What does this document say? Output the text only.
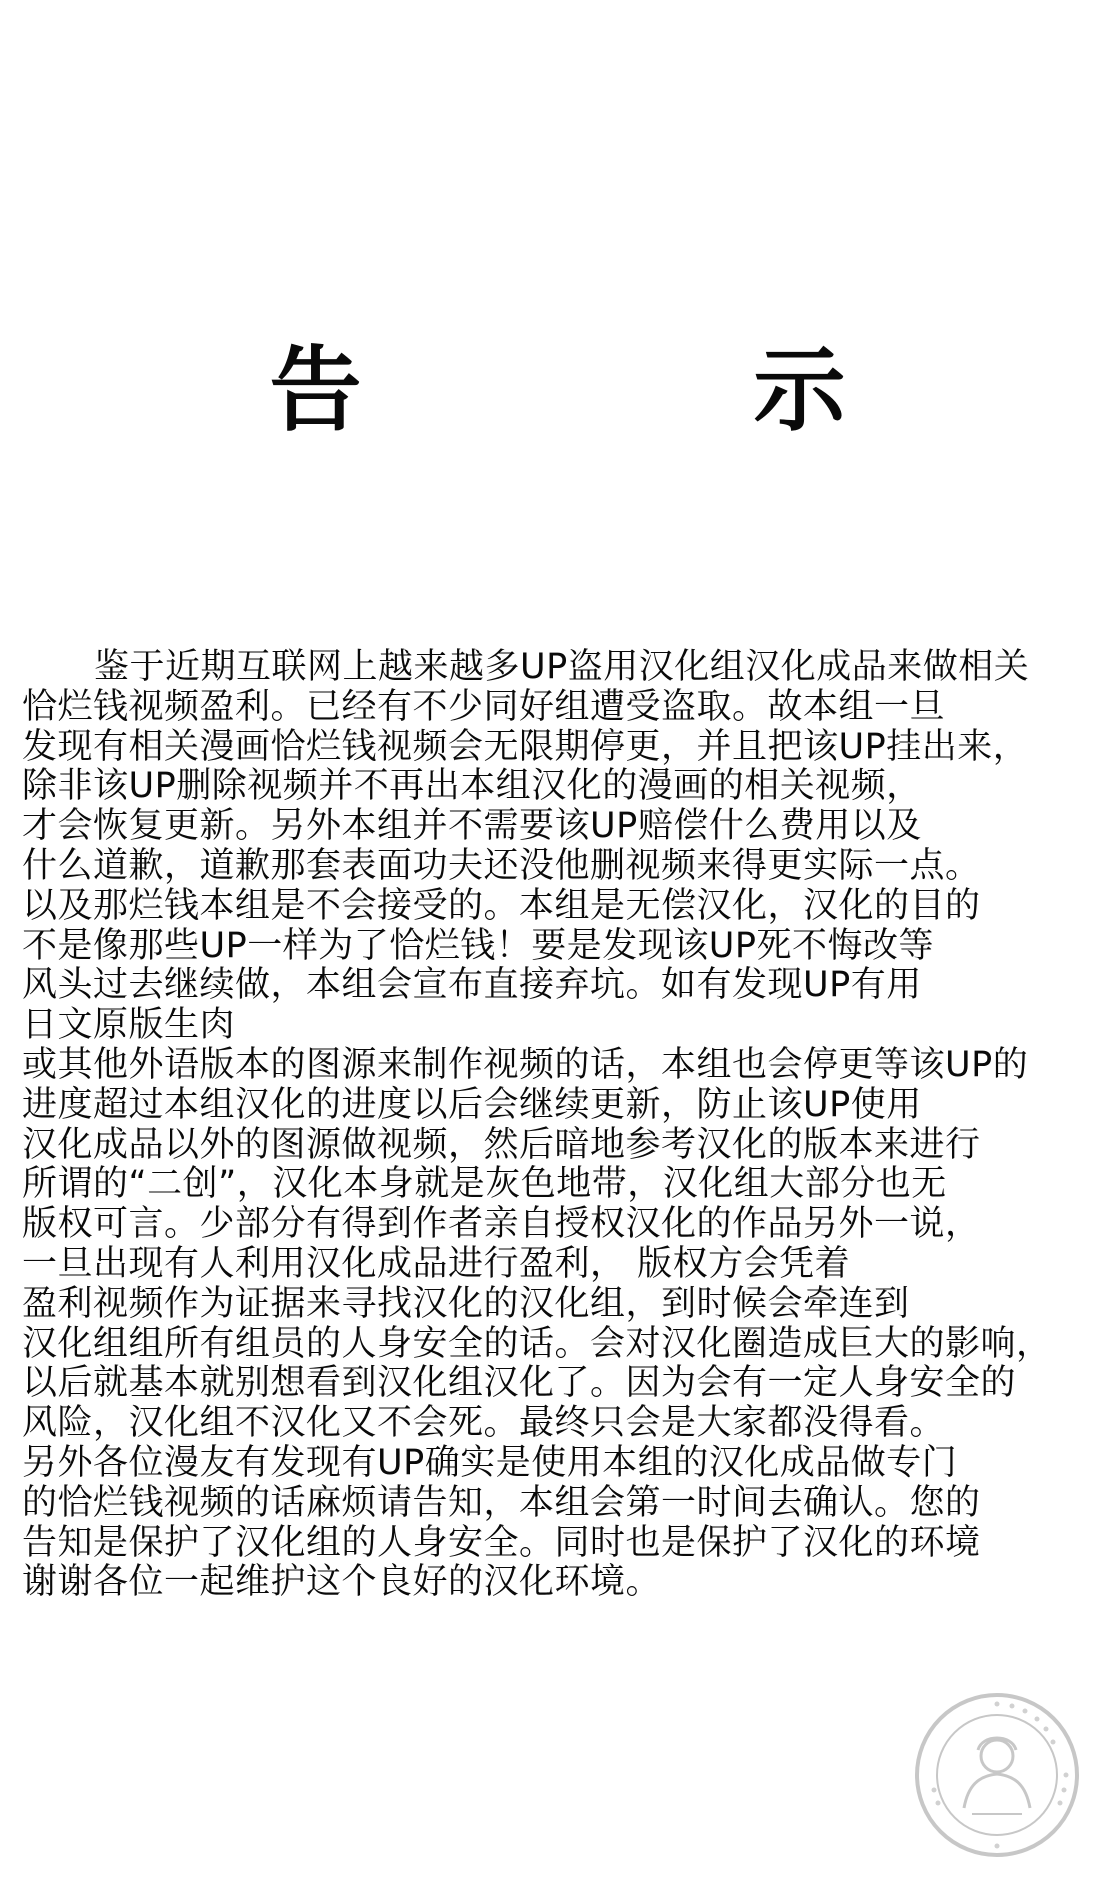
告　示
鉴于近期互联网上越来越多UP盗用汉化组汉化成品来做相关
恰烂钱视频盈利。已经有不少同好组遭受盗取。故本组一旦
发现有相关漫画恰烂钱视频会无限期停更，并且把该UP挂出来，
除非该UP删除视频并不再出本组汉化的漫画的相关视频，
才会恢复更新。另外本组并不需要该UP赔偿什么费用以及
什么道歉，道歉那套表面功夫还没他删视频来得更实际一点。
以及那烂钱本组是不会接受的。本组是无偿汉化，汉化的目的
不是像那些UP一样为了恰烂钱！要是发现该UP死不悔改等
风头过去继续做，本组会宣布直接弃坑。如有发现UP有用
日文原版生肉
或其他外语版本的图源来制作视频的话，本组也会停更等该UP的
进度超过本组汉化的进度以后会继续更新，防止该UP使用
汉化成品以外的图源做视频，然后暗地参考汉化的版本来进行
所谓的“二创”，汉化本身就是灰色地带，汉化组大部分也无
版权可言。少部分有得到作者亲自授权汉化的作品另外一说，
一旦出现有人利用汉化成品进行盈利， 版权方会凭着
盈利视频作为证据来寻找汉化的汉化组，到时候会牵连到
汉化组组所有组员的人身安全的话。会对汉化圈造成巨大的影响，
以后就基本就别想看到汉化组汉化了。因为会有一定人身安全的
风险，汉化组不汉化又不会死。最终只会是大家都没得看。
另外各位漫友有发现有UP确实是使用本组的汉化成品做专门
的恰烂钱视频的话麻烦请告知，本组会第一时间去确认。您的
告知是保护了汉化组的人身安全。同时也是保护了汉化的环境
谢谢各位一起维护这个良好的汉化环境。
